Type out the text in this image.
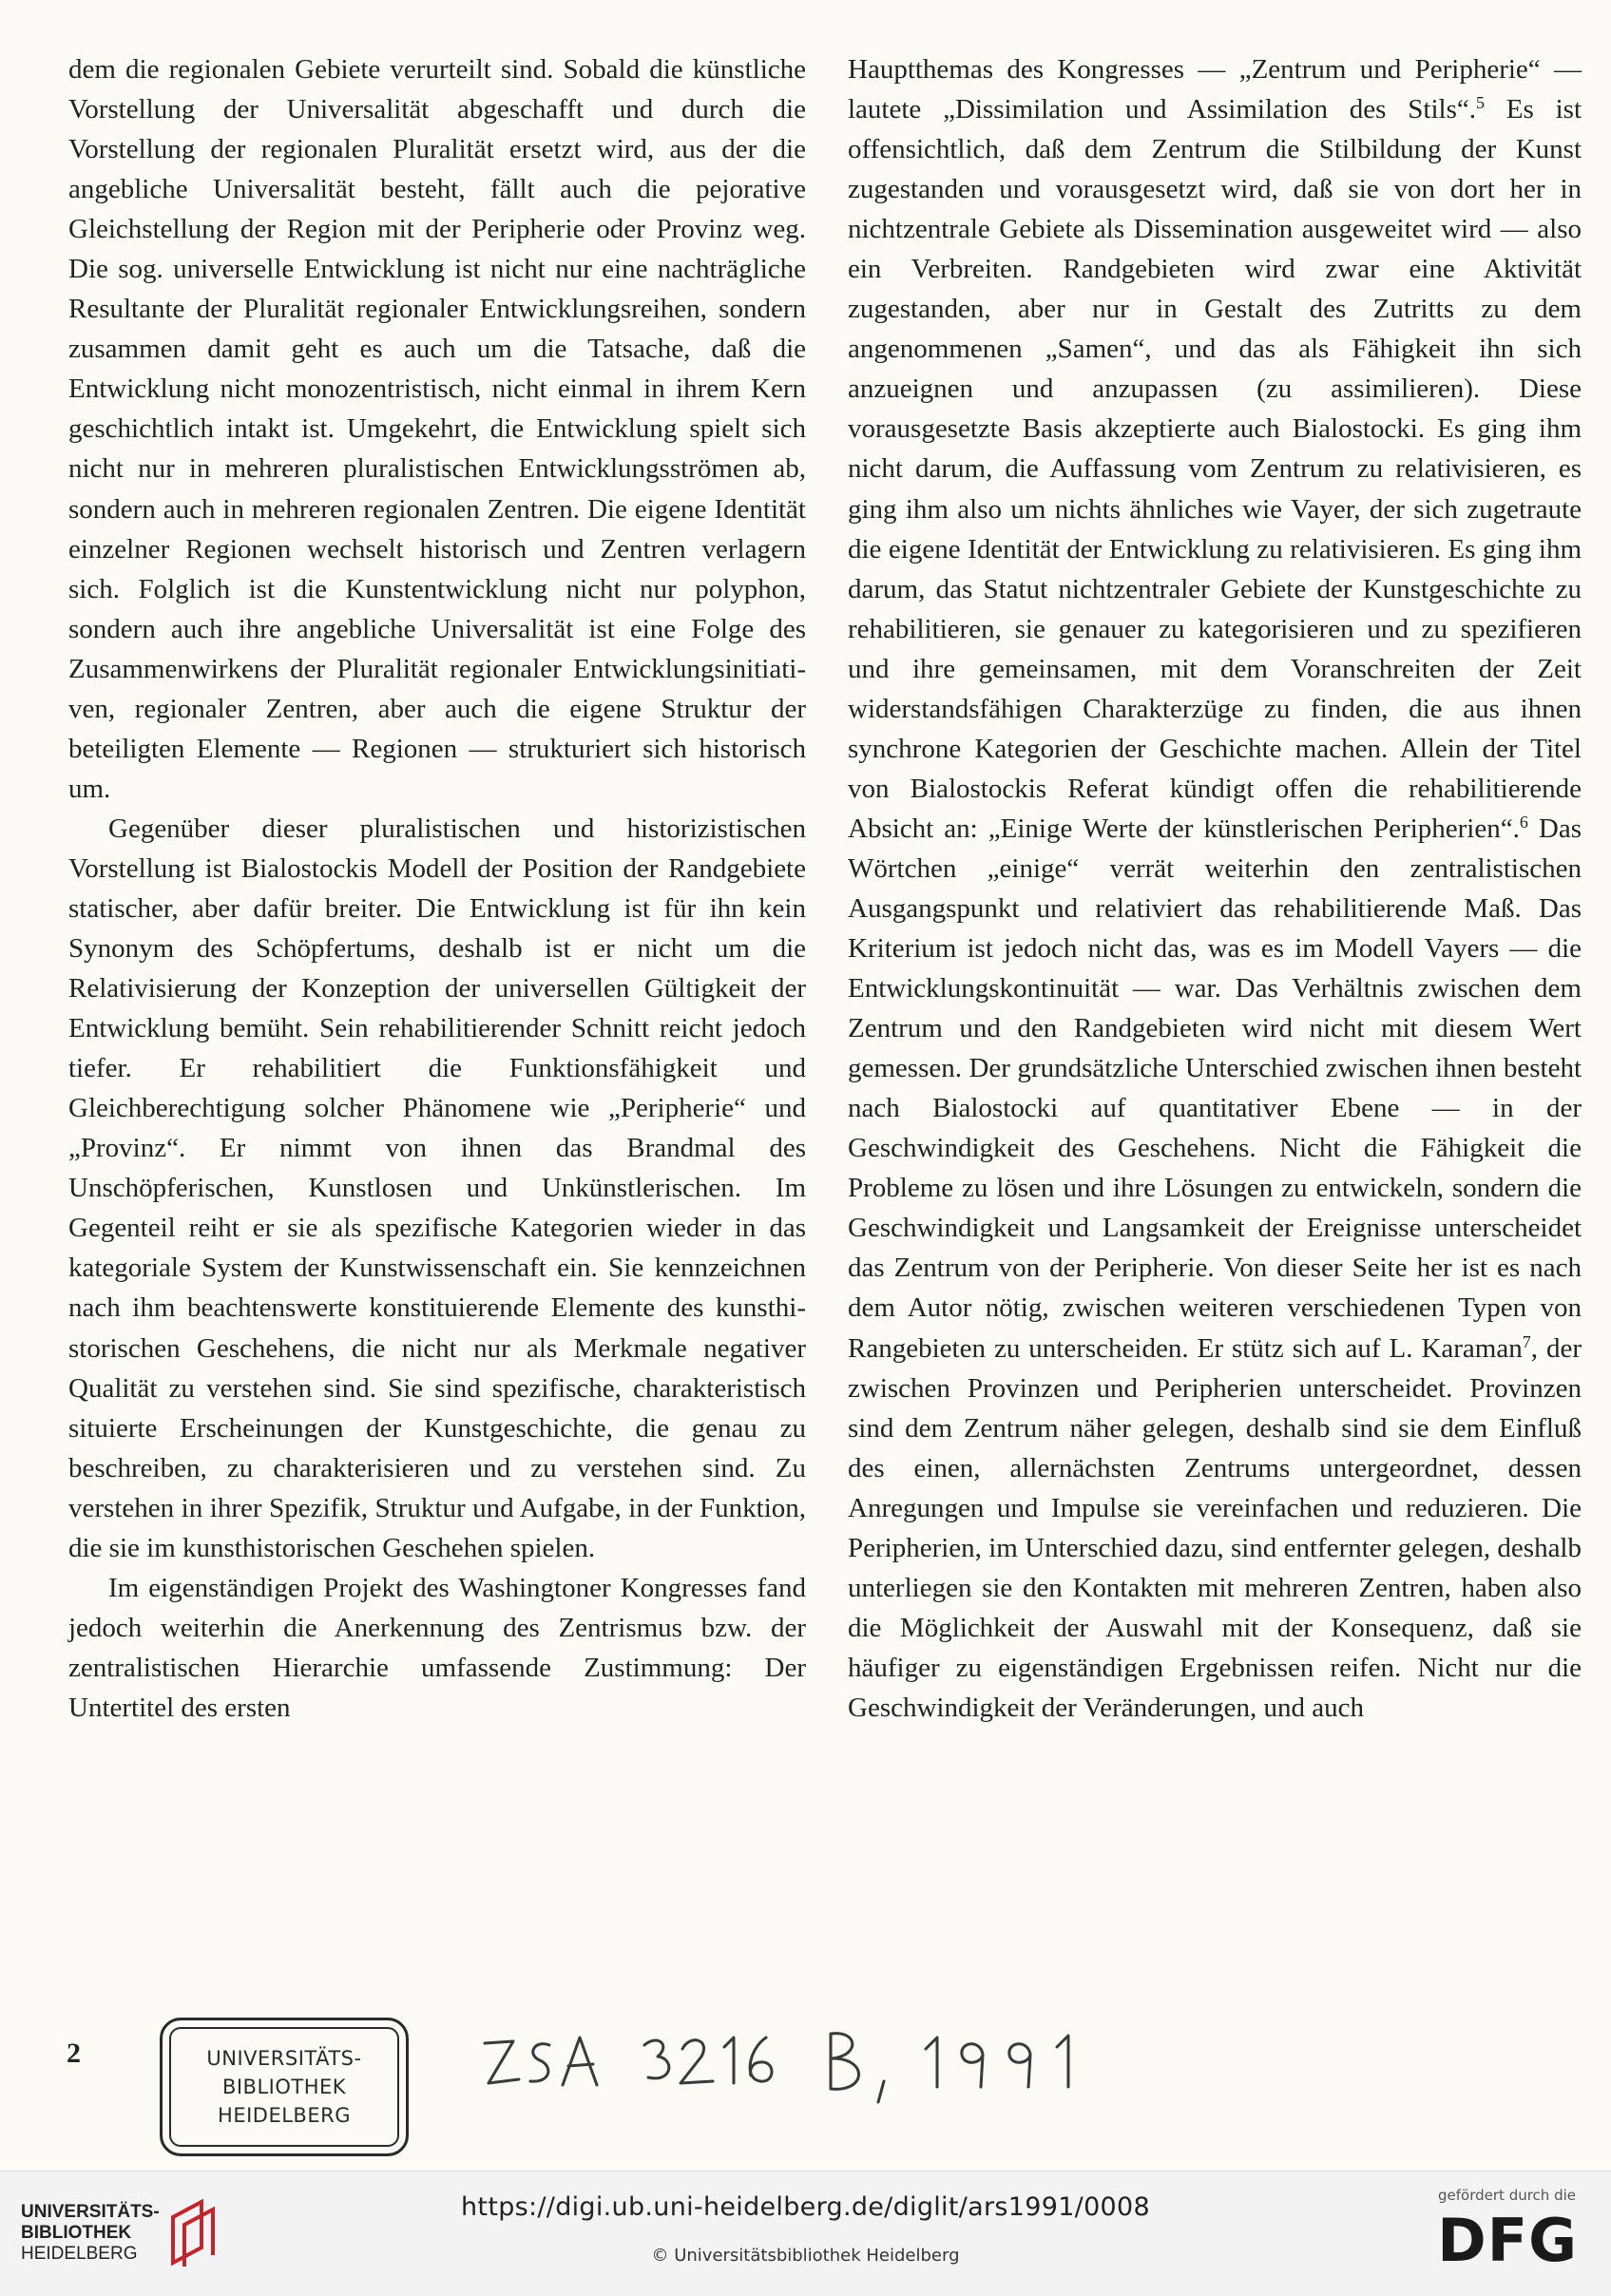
dem die regionalen Gebiete verurteilt sind. Sobald die künstliche Vorstellung der Universalität abgeschafft und durch die Vorstellung der regionalen Pluralität ersetzt wird, aus der die angebliche Universalität besteht, fällt auch die pejorative Gleichstellung der Region mit der Peripherie oder Provinz weg. Die sog. universelle Entwicklung ist nicht nur eine nachträgliche Resultante der Pluralität regionaler Entwicklungsreihen, sondern zusammen damit geht es auch um die Tatsache, daß die Entwicklung nicht monozentristisch, nicht einmal in ihrem Kern geschichtlich intakt ist. Umgekehrt, die Entwicklung spielt sich nicht nur in mehreren pluralistischen Entwicklungsströmen ab, sondern auch in mehreren regionalen Zentren. Die eigene Identität einzelner Regionen wechselt historisch und Zentren verlagern sich. Folglich ist die Kunstentwicklung nicht nur polyphon, sondern auch ihre angebliche Universalität ist eine Folge des Zusammenwirkens der Pluralität regionaler Entwicklungsinitiativen, regionaler Zentren, aber auch die eigene Struktur der beteiligten Elemente — Regionen — strukturiert sich historisch um.

Gegenüber dieser pluralistischen und historizistischen Vorstellung ist Bialostockis Modell der Position der Randgebiete statischer, aber dafür breiter. Die Entwicklung ist für ihn kein Synonym des Schöpfertums, deshalb ist er nicht um die Relativisierung der Konzeption der universellen Gültigkeit der Entwicklung bemüht. Sein rehabilitierender Schnitt reicht jedoch tiefer. Er rehabilitiert die Funktionsfähigkeit und Gleichberechtigung solcher Phänomene wie „Peripherie“ und „Provinz“. Er nimmt von ihnen das Brandmal des Unschöpferischen, Kunstlosen und Unkünstlerischen. Im Gegenteil reiht er sie als spezifische Kategorien wieder in das kategoriale System der Kunstwissenschaft ein. Sie kennzeichnen nach ihm beachtenswerte konstituierende Elemente des kunsthistorischen Geschehens, die nicht nur als Merkmale negativer Qualität zu verstehen sind. Sie sind spezifische, charakteristisch situierte Erscheinungen der Kunstgeschichte, die genau zu beschreiben, zu charakterisieren und zu verstehen sind. Zu verstehen in ihrer Spezifik, Struktur und Aufgabe, in der Funktion, die sie im kunsthistorischen Geschehen spielen.

Im eigenständigen Projekt des Washingtoner Kongresses fand jedoch weiterhin die Anerkennung des Zentrismus bzw. der zentralistischen Hierarchie umfassende Zustimmung: Der Untertitel des ersten

Hauptthemas des Kongresses — „Zentrum und Peripherie“ — lautete „Dissimilation und Assimilation des Stils“.$^5$ Es ist offensichtlich, daß dem Zentrum die Stilbildung der Kunst zugestanden und vorausgesetzt wird, daß sie von dort her in nichtzentrale Gebiete als Dissemination ausgeweitet wird — also ein Verbreiten. Randgebieten wird zwar eine Aktivität zugestanden, aber nur in Gestalt des Zutritts zu dem angenommenen „Samen“, und das als Fähigkeit ihn sich anzueignen und anzupassen (zu assimilieren). Diese vorausgesetzte Basis akzeptierte auch Bialostocki. Es ging ihm nicht darum, die Auffassung vom Zentrum zu relativisieren, es ging ihm also um nichts ähnliches wie Vayer, der sich zugetraute die eigene Identität der Entwicklung zu relativisieren. Es ging ihm darum, das Statut nichtzentraler Gebiete der Kunstgeschichte zu rehabilitieren, sie genauer zu kategorisieren und zu spezifieren und ihre gemeinsamen, mit dem Voranschreiten der Zeit widerstandsfähigen Charakterzüge zu finden, die aus ihnen synchrone Kategorien der Geschichte machen. Allein der Titel von Bialostockis Referat kündigt offen die rehabilitierende Absicht an: „Einige Werte der künstlerischen Peripherien“.$^6$ Das Wörtchen „einige“ verrät weiterhin den zentralistischen Ausgangspunkt und relativiert das rehabilitierende Maß. Das Kriterium ist jedoch nicht das, was es im Modell Vayers — die Entwicklungskontinuität — war. Das Verhältnis zwischen dem Zentrum und den Randgebieten wird nicht mit diesem Wert gemessen. Der grundsätzliche Unterschied zwischen ihnen besteht nach Bialostocki auf quantitativer Ebene — in der Geschwindigkeit des Geschehens. Nicht die Fähigkeit die Probleme zu lösen und ihre Lösungen zu entwickeln, sondern die Geschwindigkeit und Langsamkeit der Ereignisse unterscheidet das Zentrum von der Peripherie. Von dieser Seite her ist es nach dem Autor nötig, zwischen weiteren verschiedenen Typen von Rangebieten zu unterscheiden. Er stütz sich auf L. Karaman$^7$, der zwischen Provinzen und Peripherien unterscheidet. Provinzen sind dem Zentrum näher gelegen, deshalb sind sie dem Einfluß des einen, allernächsten Zentrums untergeordnet, dessen Anregungen und Impulse sie vereinfachen und reduzieren. Die Peripherien, im Unterschied dazu, sind entfernter gelegen, deshalb unterliegen sie den Kontakten mit mehreren Zentren, haben also die Möglichkeit der Auswahl mit der Konsequenz, daß sie häufiger zu eigenständigen Ergebnissen reifen. Nicht nur die Geschwindigkeit der Veränderungen, und auch

2	UNIVERSITÄTS-
BIBLIOTHEK
HEIDELBERG
ZSA 3216 B, 1991
UNIVERSITÄTS-
BIBLIOTHEK
HEIDELBERG
https://digi.ub.uni-heidelberg.de/diglit/ars1991/0008
© Universitätsbibliothek Heidelberg
gefördert durch die
DFG
